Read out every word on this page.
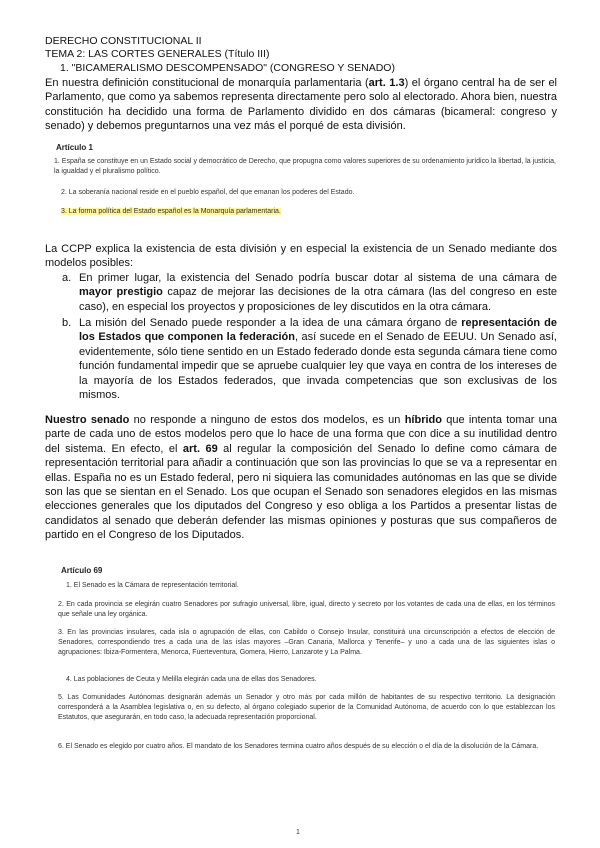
DERECHO CONSTITUCIONAL II
TEMA 2: LAS CORTES GENERALES (Título III)
1. "BICAMERALISMO DESCOMPENSADO" (CONGRESO Y SENADO)

En nuestra definición constitucional de monarquía parlamentaria (art. 1.3) el órgano central ha de ser el Parlamento, que como ya sabemos representa directamente pero solo al electorado. Ahora bien, nuestra constitución ha decidido una forma de Parlamento dividido en dos cámaras (bicameral: congreso y senado) y debemos preguntarnos una vez más el porqué de esta división.

Artículo 1

1. España se constituye en un Estado social y democrático de Derecho, que propugna como valores superiores de su ordenamiento jurídico la libertad, la justicia, la igualdad y el pluralismo político.

2. La soberanía nacional reside en el pueblo español, del que emanan los poderes del Estado.

3. La forma política del Estado español es la Monarquía parlamentaria.

La CCPP explica la existencia de esta división y en especial la existencia de un Senado mediante dos modelos posibles:

a. En primer lugar, la existencia del Senado podría buscar dotar al sistema de una cámara de mayor prestigio capaz de mejorar las decisiones de la otra cámara (las del congreso en este caso), en especial los proyectos y proposiciones de ley discutidos en la otra cámara.

b. La misión del Senado puede responder a la idea de una cámara órgano de representación de los Estados que componen la federación, así sucede en el Senado de EEUU. Un Senado así, evidentemente, sólo tiene sentido en un Estado federado donde esta segunda cámara tiene como función fundamental impedir que se apruebe cualquier ley que vaya en contra de los intereses de la mayoría de los Estados federados, que invada competencias que son exclusivas de los mismos.

Nuestro senado no responde a ninguno de estos dos modelos, es un híbrido que intenta tomar una parte de cada uno de estos modelos pero que lo hace de una forma que con dice a su inutilidad dentro del sistema. En efecto, el art. 69 al regular la composición del Senado lo define como cámara de representación territorial para añadir a continuación que son las provincias lo que se va a representar en ellas. España no es un Estado federal, pero ni siquiera las comunidades autónomas en las que se divide son las que se sientan en el Senado. Los que ocupan el Senado son senadores elegidos en las mismas elecciones generales que los diputados del Congreso y eso obliga a los Partidos a presentar listas de candidatos al senado que deberán defender las mismas opiniones y posturas que sus compañeros de partido en el Congreso de los Diputados.

Artículo 69

1. El Senado es la Cámara de representación territorial.

2. En cada provincia se elegirán cuatro Senadores por sufragio universal, libre, igual, directo y secreto por los votantes de cada una de ellas, en los términos que señale una ley orgánica.

3. En las provincias insulares, cada isla o agrupación de ellas, con Cabildo o Consejo Insular, constituirá una circunscripción a efectos de elección de Senadores, correspondiendo tres a cada una de las islas mayores –Gran Canaria, Mallorca y Tenerife– y uno a cada una de las siguientes islas o agrupaciones: Ibiza-Formentera, Menorca, Fuerteventura, Gomera, Hierro, Lanzarote y La Palma.

4. Las poblaciones de Ceuta y Melilla elegirán cada una de ellas dos Senadores.

5. Las Comunidades Autónomas designarán además un Senador y otro más por cada millón de habitantes de su respectivo territorio. La designación corresponderá a la Asamblea legislativa o, en su defecto, al órgano colegiado superior de la Comunidad Autónoma, de acuerdo con lo que establezcan los Estatutos, que asegurarán, en todo caso, la adecuada representación proporcional.

6. El Senado es elegido por cuatro años. El mandato de los Senadores termina cuatro años después de su elección o el día de la disolución de la Cámara.

1
